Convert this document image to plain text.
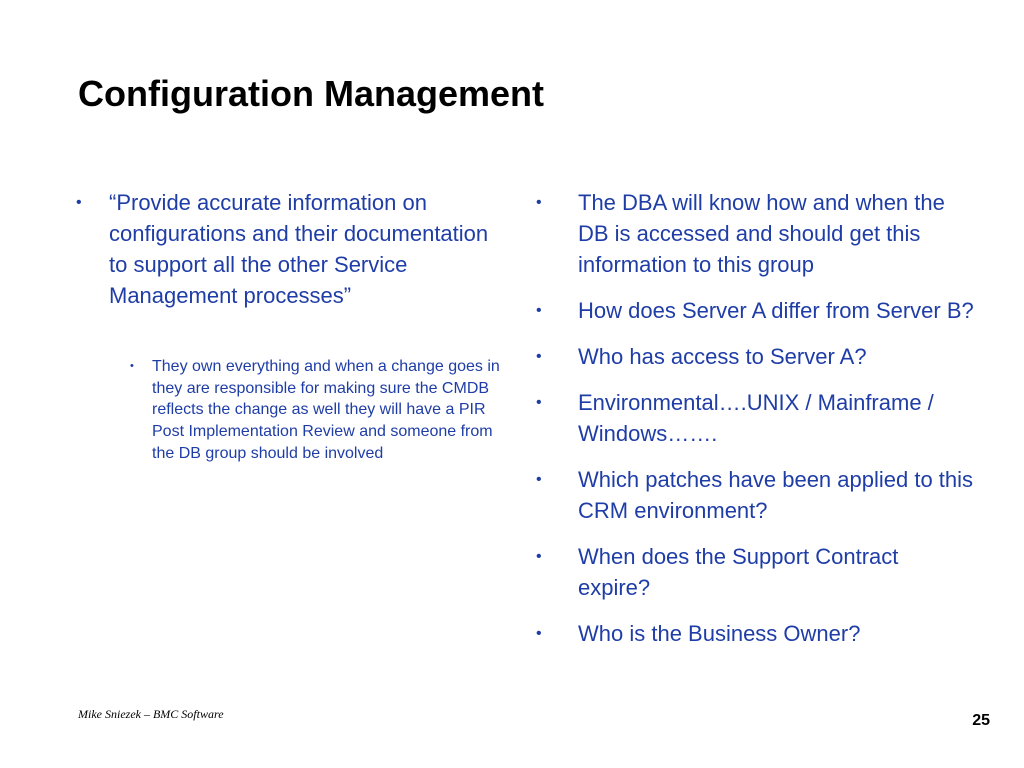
Configuration Management
• “Provide accurate information on configurations and their documentation to support all the other Service Management processes”
• They own everything and when a change goes in they are responsible for making sure the CMDB reflects the change as well they will have a PIR Post Implementation Review and someone from the DB group should be involved
• The DBA will know how and when the DB is accessed and should get this information to this group
• How does Server A differ from Server B?
• Who has access to Server A?
• Environmental….UNIX / Mainframe / Windows…….
• Which patches have been applied to this CRM environment?
• When does the Support Contract expire?
• Who is the Business Owner?
Mike Sniezek – BMC Software	25
